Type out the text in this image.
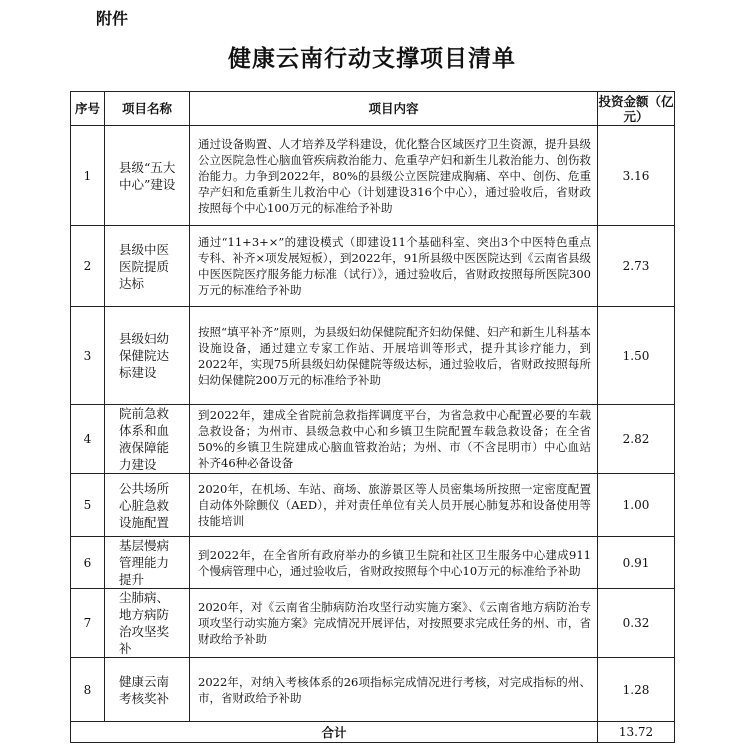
附件
健康云南行动支撑项目清单
序号	项目名称	项目内容	投资金额（亿元）
1	县级“五大中心”建设	通过设备购置、人才培养及学科建设，优化整合区域医疗卫生资源，提升县级公立医院急性心脑血管疾病救治能力、危重孕产妇和新生儿救治能力、创伤救治能力。力争到2022年，80%的县级公立医院建成胸痛、卒中、创伤、危重孕产妇和危重新生儿救治中心（计划建设316个中心），通过验收后，省财政按照每个中心100万元的标准给予补助	3.16
2	县级中医医院提质达标	通过“11+3+×”的建设模式（即建设11个基础科室、突出3个中医特色重点专科、补齐×项发展短板），到2022年，91所县级中医医院达到《云南省县级中医医院医疗服务能力标准（试行）》，通过验收后，省财政按照每所医院300万元的标准给予补助	2.73
3	县级妇幼保健院达标建设	按照“填平补齐”原则，为县级妇幼保健院配齐妇幼保健、妇产和新生儿科基本设施设备，通过建立专家工作站、开展培训等形式，提升其诊疗能力，到2022年，实现75所县级妇幼保健院等级达标，通过验收后，省财政按照每所妇幼保健院200万元的标准给予补助	1.50
4	院前急救体系和血液保障能力建设	到2022年，建成全省院前急救指挥调度平台，为省急救中心配置必要的车载急救设备；为州市、县级急救中心和乡镇卫生院配置车载急救设备；在全省50%的乡镇卫生院建成心脑血管救治站；为州、市（不含昆明市）中心血站补齐46种必备设备	2.82
5	公共场所心脏急救设施配置	2020年，在机场、车站、商场、旅游景区等人员密集场所按照一定密度配置自动体外除颤仪（AED），并对责任单位有关人员开展心肺复苏和设备使用等技能培训	1.00
6	基层慢病管理能力提升	到2022年，在全省所有政府举办的乡镇卫生院和社区卫生服务中心建成911个慢病管理中心，通过验收后，省财政按照每个中心10万元的标准给予补助	0.91
7	尘肺病、地方病防治攻坚奖补	2020年，对《云南省尘肺病防治攻坚行动实施方案》、《云南省地方病防治专项攻坚行动实施方案》完成情况开展评估，对按照要求完成任务的州、市，省财政给予补助	0.32
8	健康云南考核奖补	2022年，对纳入考核体系的26项指标完成情况进行考核，对完成指标的州、市，省财政给予补助	1.28
合计			13.72
